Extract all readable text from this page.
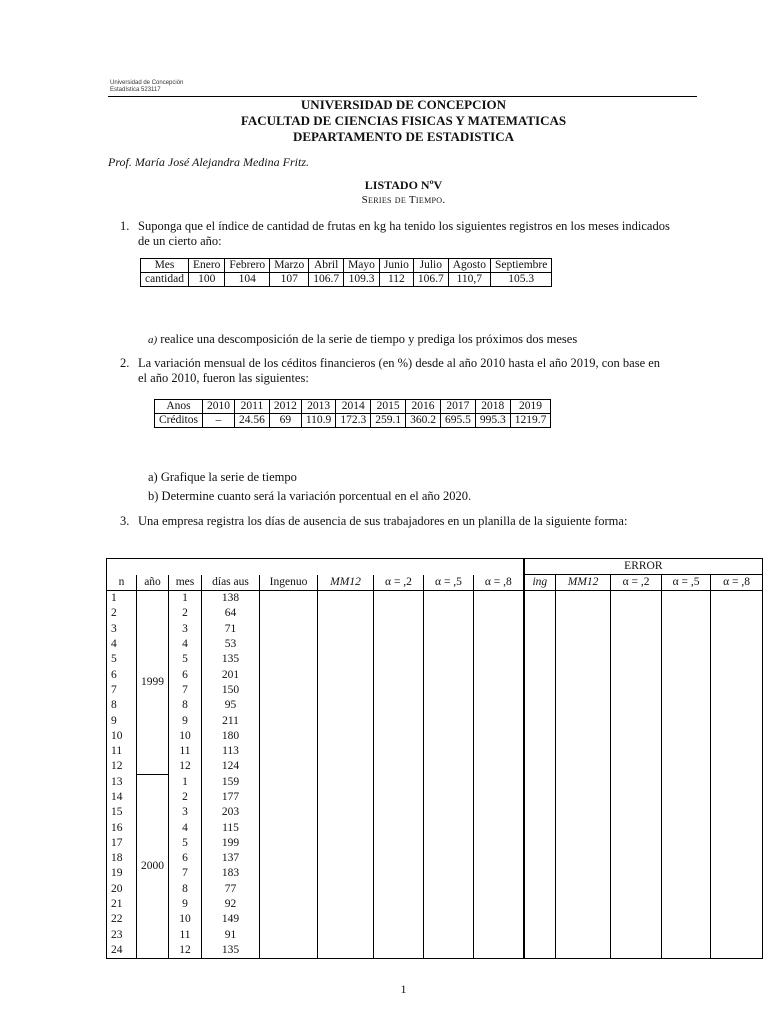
Universidad de Concepción
Estadística 523117
UNIVERSIDAD DE CONCEPCION
FACULTAD DE CIENCIAS FISICAS Y MATEMATICAS
DEPARTAMENTO DE ESTADISTICA
Prof. María José Alejandra Medina Fritz.
LISTADO NºV
Series de Tiempo.
1. Suponga que el índice de cantidad de frutas en kg ha tenido los siguientes registros en los meses indicados
de un cierto año:
Mes	Enero	Febrero	Marzo	Abril	Mayo	Junio	Julio	Agosto	Septiembre
cantidad	100	104	107	106.7	109.3	112	106.7	110,7	105.3
a) realice una descomposición de la serie de tiempo y prediga los próximos dos meses
2. La variación mensual de los céditos financieros (en %) desde al año 2010 hasta el año 2019, con base en
el año 2010, fueron las siguientes:
Anos	2010	2011	2012	2013	2014	2015	2016	2017	2018	2019
Créditos	–	24.56	69	110.9	172.3	259.1	360.2	695.5	995.3	1219.7
a) Grafique la serie de tiempo
b) Determine cuanto será la variación porcentual en el año 2020.
3. Una empresa registra los días de ausencia de sus trabajadores en un planilla de la siguiente forma:
									ERROR				
n	año	mes	días aus	Ingenuo	MM12	α = ,2	α = ,5	α = ,8	ing	MM12	α = ,2	α = ,5	α = ,8
1	1999	1	138										
2		2	64										
3		3	71										
4		4	53										
5		5	135										
6		6	201										
7		7	150										
8		8	95										
9		9	211										
10		10	180										
11		11	113										
12		12	124										
13	2000	1	159										
14		2	177										
15		3	203										
16		4	115										
17		5	199										
18		6	137										
19		7	183										
20		8	77										
21		9	92										
22		10	149										
23		11	91										
24		12	135										
1
